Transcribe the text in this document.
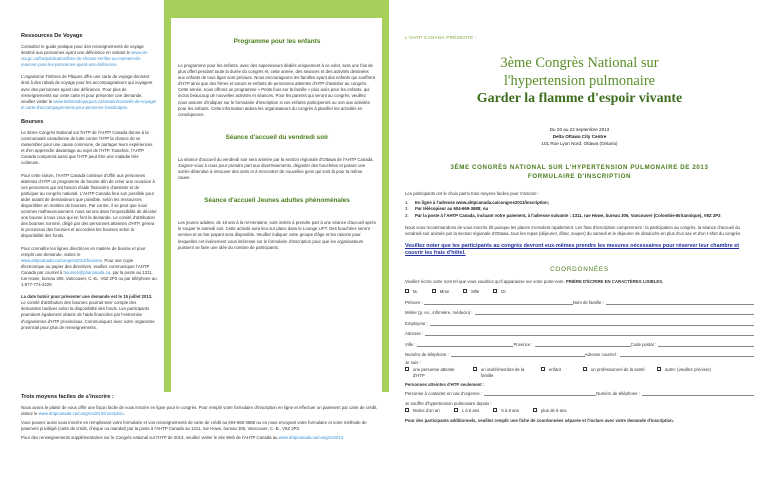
Ressources De Voyage
Consultez le guide pratique pour des renseignements de voyage destiné aux personnes ayant une déficience en visitant le www.otc-cta.gc.ca/fra/publication/liste-de-choses-verifier-au-moment-de-reserver-pour-les-personnes-ayant-une-deficience.
L'organisme Timbres de Pâques offre une carte de voyage donnant droit à des rabais de voyage pour les accompagnateurs qui voyagent avec des personnes ayant une déficience. Pour plus de renseignements sur cette carte et pour présenter une demande, veuillez visiter le www.timbresdepaques.ca/ontario/conseils-de-voyage/ et carte-d'accompagnement-pour-personne-handicapee.
Bourses
Le 3ème Congrès National sur l'HTP de l'AHTP Canada donne à la communauté canadienne de lutte contre l'HTP la chance de se rassembler pour une cause commune, de partager leurs expériences et d'en apprendre davantage au sujet de l'HTP. Toutefois, l'AHTP Canada comprend aussi que l'HTP peut être une maladie très coûteuse.
Pour cette raison, l'AHTP Canada continue d'offrir aux personnes atteintes d'HTP un programme de bourse afin de créer une occasion à ces personnes qui ont besoin d'aide financière d'assister et de participer au congrès national. L'AHTP Canada fera son possible pour aider autant de demandeurs que possible, selon les ressources disponibles en matière de bourses. Par contre, il se peut que nous sommes malheureusement, nous serons dans l'impossibilité de déceler une bourse à tous ceux qui en font la demande. Le comité d'attribution des bourses nommé, dirigé par des personnes atteintes d'HTP, gèrera le processus des bourses et accordera les bourses selon la disponibilité des fonds.
Pour connaître les lignes directrices en matière de bourse et pour remplir une demande, visitez le www.ahtpcanada.ca/congres2013/bourses. Pour une copie électronique ou papier des directives, veuillez communiquer l'AHTP Canada par courriel à bourses@phacanada.ca, par la poste au 1311, rue Howe, bureau 305, Vancouver, C.-B., V6Z 2P3 ou par téléphone au 1-877-774-2226
La date butoir pour présenter une demande est le 15 juillet 2013. Le comité d'attribution des bourses pourrait tenir compte des demandes tardives selon la disponibilité des fonds. Les participants pourraient également obtenir de l'aide financière par l'entremise d'organismes d'HTP provinciaux. Communiquez avec votre organisme provincial pour plus de renseignements.
Programme pour les enfants
Le programme pour les enfants, avec des superviseurs dédiés uniquement à ce volet, sera une fois de plus offert pendant toute la durée du congrès et, cette année, des séances et des activités destinées aux enfants de tous âges sont prévues. Nous encourageons les familles ayant des enfants qui souffrent d'HTP ainsi que des frères et sœurs et enfants de personnes atteintes d'HTP d'assister au congrès. Cette année, nous offrons un programme « Petits fous sur la famille » plus axés pour les enfants, qui inclus beaucoup de nouvelles activités et séances. Pour les parents qui seront au congrès, veuillez nous assurer d'indiquer sur le formulaire d'inscription si vos enfants participeront ou non aux activités pour les enfants. Cette information aidera les organisateurs du congrès à planifier les activités en conséquence.
Séance d'accueil du vendredi soir
La séance d'accueil du vendredi soir sera animée par la section régionale d'Ottawa de l'AHTP Canada. Joignez-vous à nous pour prendre part aux divertissements, déguster des bouchées et passer une soirée détendue à retrouver des amis et à rencontrer de nouvelles gens qui sont là pour la même cause.
Séance d'accueil Jeunes adultes phénoménales
Les jeunes adultes, de 19 ans à la mi-trentaine, sont invités à prendre part à une séance d'accueil après le souper le samedi soir. Cette activité aura lieu sur place dans le Lounge LIFT. Des bouchées seront servies et un bar payant sera disponible. Veuillez indiquer votre groupe d'âge et les raisons pour lesquelles cet événement vous intéresse sur le formulaire d'inscription pour que les organisateurs puissent se faire une idée du nombre de participants.
Trois moyens faciles de s'inscrire :
Nous avons le plaisir de vous offrir une façon facile de vous inscrire en ligne pour le congrès. Pour remplir votre formulaire d'inscription en ligne et effectuer un paiement par carte de crédit, visitez le www.ahtpcanada.ca/congres2013/inscription.
Vous pouvez aussi vous inscrire en remplissant votre formulaire et vos renseignements de carte de crédit au 604-669-3688 ou en nous envoyant votre formulaire et votre méthode de paiement privilégié (carte de crédit, chèque ou mandat) par la poste à l'AHTP Canada au 1311, rue Howe, bureau 305, Vancouver, C.-B., V6Z 2P3.
Pour des renseignements supplémentaires sur le Congrès national sur l'HTP de 2013, veuillez visiter le site Web de l'AHTP Canada au www.ahtpcanada.ca/congres2013
L'AHTP CANADA PRÉSENTE :
3ème Congrès National sur
l'hypertension pulmonaire
Garder la flamme d'espoir vivante
Du 20 au 22 septembre 2013
Delta Ottawa City Centre
101 Rue Lyon Nord, Ottawa (Ontario)
3ÈME CONGRÈS NATIONAL SUR L'HYPERTENSION PULMONAIRE DE 2013
FORMULAIRE D'INSCRIPTION
Les participants ont le choix parmi trois moyens faciles pour s'inscrire :
1.	En ligne à l'adresse www.ahtpcanada.ca/congres2013/inscription;
2.	Par télécopieur au 604-669-3688; ou
3.	Par la poste à l'AHTP Canada, incluant votre paiement, à l'adresse suivante : 1311, rue Howe, bureau 305, Vancouver (Colombie-Britannique), V6Z 2P3
Nous vous recommandons de vous inscrire tôt puisque les places s'envolent rapidement. Les frais d'inscription comprennent : la participation au congrès, la séance d'accueil du vendredi soir animée par la section régionale d'Ottawa, tous les repas (déjeuner, dîner, souper) du samedi et le déjeuner de dimanche en plus d'un sac et d'un t-shirt du congrès.
Veuillez noter que les participants au congrès devront eux-mêmes prendre les mesures nécessaires pour réserver leur chambre et couvrir les frais d'hôtel.
COORDONNÉES
Veuillez écrire votre nom tel que vous voudriez qu'il apparaisse sur votre porte-nom. PRIÈRE D'ÉCRIRE EN CARACTÈRES LISIBLES.
M.	Mme	Mlle	Dr.
Prénom :	Nom de famille :
Métier (p. ex., infirmière, médecin) :
Employeur :
Adresse :
Ville :	Province :	Code postal :
Numéro de téléphone :	Adresse courriel :
Je suis :
une personne atteinte d'HTP
un invité/membre de la famille
enfant	un professionnel de la santé	autre: (veuillez préciser)
Personnes atteintes d'HTP seulement :
Personne à contacter en cas d'urgence :	Numéro de téléphone :
Je souffre d'hypertension pulmonaire depuis :
Moins d'un an	1 à 5 ans	6 à 8 ans	plus de 9 ans
Pour des participants additionnels, veuillez remplir une fiche de coordonnées séparée et l'inclure avec votre demande d'inscription.
